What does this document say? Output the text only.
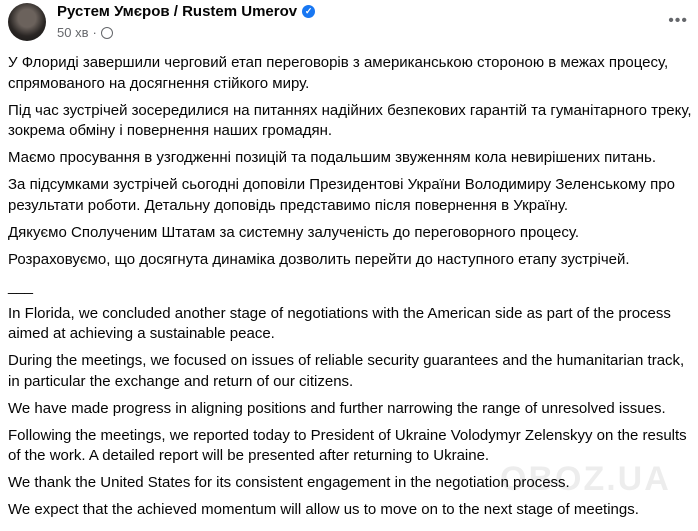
Рустем Умєров / Rustem Umerov ✓
50 хв ·
•••

У Флориді завершили черговий етап переговорів з американською стороною в межах процесу, спрямованого на досягнення стійкого миру.

Під час зустрічей зосередилися на питаннях надійних безпекових гарантій та гуманітарного треку, зокрема обміну і повернення наших громадян.

Маємо просування в узгодженні позицій та подальшим звуженням кола невирішених питань.

За підсумками зустрічей сьогодні доповіли Президентові України Володимиру Зеленському про результати роботи. Детальну доповідь представимо після повернення в Україну.

Дякуємо Сполученим Штатам за системну залученість до переговорного процесу.

Розраховуємо, що досягнута динаміка дозволить перейти до наступного етапу зустрічей.

___

In Florida, we concluded another stage of negotiations with the American side as part of the process aimed at achieving a sustainable peace.

During the meetings, we focused on issues of reliable security guarantees and the humanitarian track, in particular the exchange and return of our citizens.

We have made progress in aligning positions and further narrowing the range of unresolved issues.

Following the meetings, we reported today to President of Ukraine Volodymyr Zelenskyy on the results of the work. A detailed report will be presented after returning to Ukraine.

We thank the United States for its consistent engagement in the negotiation process.

We expect that the achieved momentum will allow us to move on to the next stage of meetings.

OBOZ.UA
